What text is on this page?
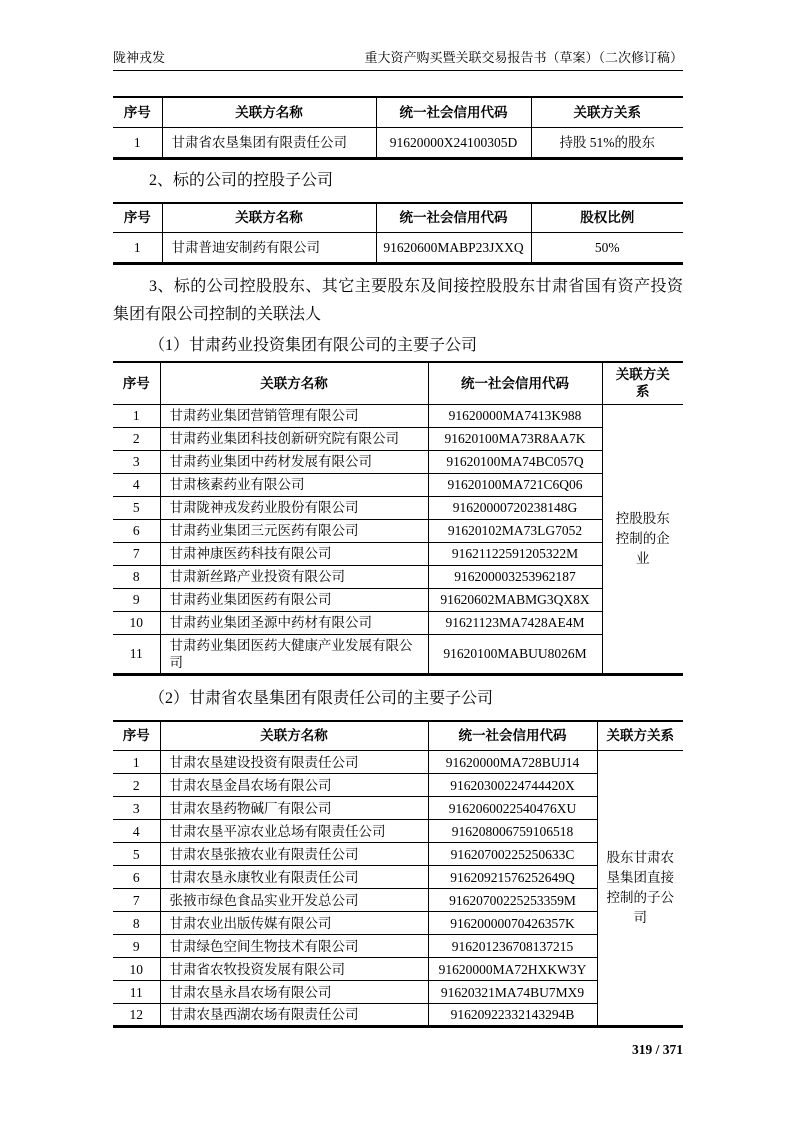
陇神戎发	重大资产购买暨关联交易报告书（草案）（二次修订稿）
序号	关联方名称	统一社会信用代码	关联方关系
1	甘肃省农垦集团有限责任公司	91620000X24100305D	持股 51%的股东
2、标的公司的控股子公司
序号	关联方名称	统一社会信用代码	股权比例
1	甘肃普迪安制药有限公司	91620600MABP23JXXQ	50%
3、标的公司控股股东、其它主要股东及间接控股股东甘肃省国有资产投资集团有限公司控制的关联法人
（1）甘肃药业投资集团有限公司的主要子公司
序号	关联方名称	统一社会信用代码	关联方关系
1	甘肃药业集团营销管理有限公司	91620000MA7413K988	控股股东控制的企业
2	甘肃药业集团科技创新研究院有限公司	91620100MA73R8AA7K	
3	甘肃药业集团中药材发展有限公司	91620100MA74BC057Q	
4	甘肃核素药业有限公司	91620100MA721C6Q06	
5	甘肃陇神戎发药业股份有限公司	91620000720238148G	
6	甘肃药业集团三元医药有限公司	91620102MA73LG7052	
7	甘肃神康医药科技有限公司	91621122591205322M	
8	甘肃新丝路产业投资有限公司	916200003253962187	
9	甘肃药业集团医药有限公司	91620602MABMG3QX8X	
10	甘肃药业集团圣源中药材有限公司	91621123MA7428AE4M	
11	甘肃药业集团医药大健康产业发展有限公司	91620100MABUU8026M	
（2）甘肃省农垦集团有限责任公司的主要子公司
序号	关联方名称	统一社会信用代码	关联方关系
1	甘肃农垦建设投资有限责任公司	91620000MA728BUJ14	股东甘肃农垦集团直接控制的子公司
2	甘肃农垦金昌农场有限公司	91620300224744420X	
3	甘肃农垦药物碱厂有限公司	9162060022540476XU	
4	甘肃农垦平凉农业总场有限责任公司	916208006759106518	
5	甘肃农垦张掖农业有限责任公司	91620700225250633C	
6	甘肃农垦永康牧业有限责任公司	91620921576252649Q	
7	张掖市绿色食品实业开发总公司	91620700225253359M	
8	甘肃农业出版传媒有限公司	91620000070426357K	
9	甘肃绿色空间生物技术有限公司	916201236708137215	
10	甘肃省农牧投资发展有限公司	91620000MA72HXKW3Y	
11	甘肃农垦永昌农场有限公司	91620321MA74BU7MX9	
12	甘肃农垦西湖农场有限责任公司	91620922332143294B	
319 / 371
